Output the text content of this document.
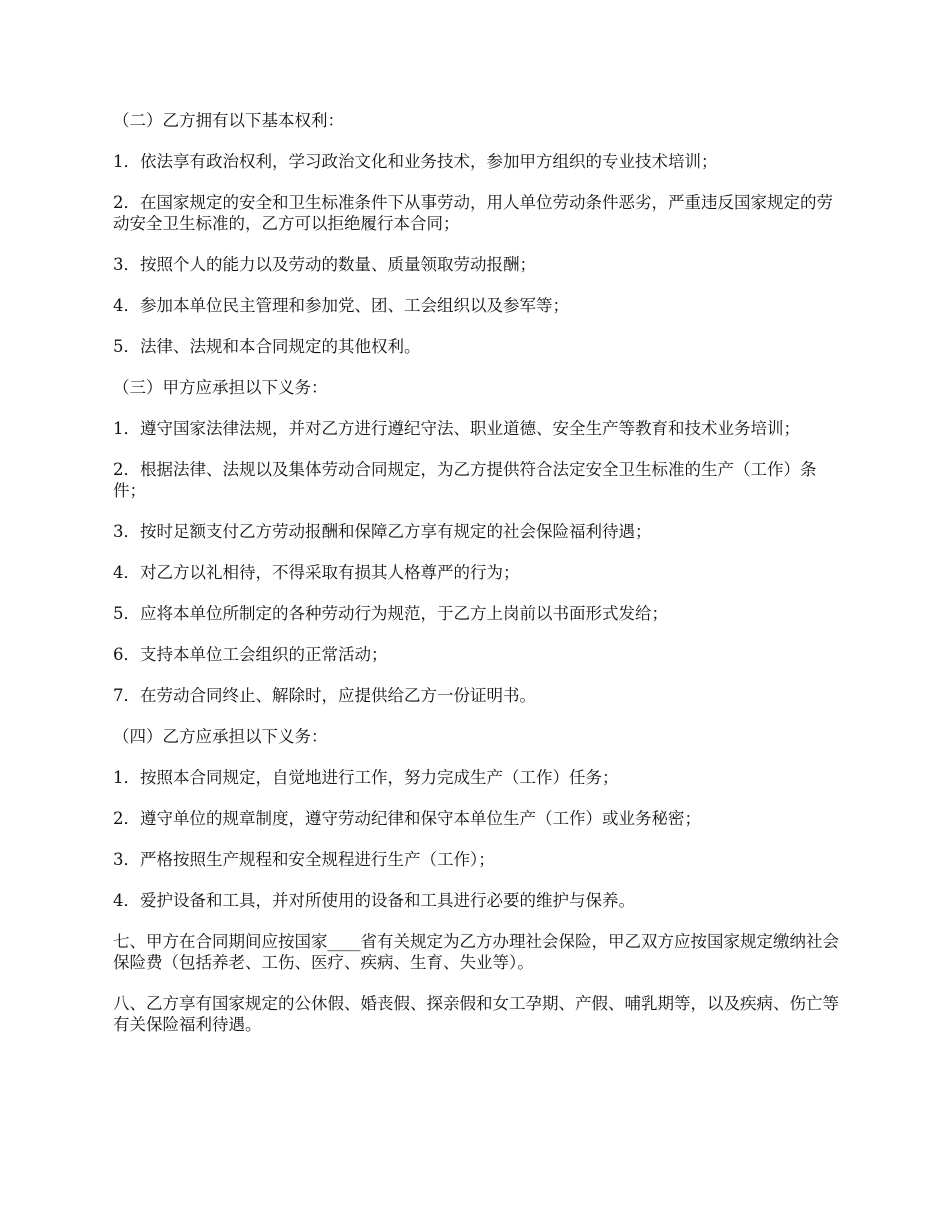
（二）乙方拥有以下基本权利：

1．依法享有政治权利，学习政治文化和业务技术，参加甲方组织的专业技术培训；

2．在国家规定的安全和卫生标准条件下从事劳动，用人单位劳动条件恶劣，严重违反国家规定的劳动安全卫生标准的，乙方可以拒绝履行本合同；

3．按照个人的能力以及劳动的数量、质量领取劳动报酬；

4．参加本单位民主管理和参加党、团、工会组织以及参军等；

5．法律、法规和本合同规定的其他权利。

（三）甲方应承担以下义务：

1．遵守国家法律法规，并对乙方进行遵纪守法、职业道德、安全生产等教育和技术业务培训；

2．根据法律、法规以及集体劳动合同规定，为乙方提供符合法定安全卫生标准的生产（工作）条件；

3．按时足额支付乙方劳动报酬和保障乙方享有规定的社会保险福利待遇；

4．对乙方以礼相待，不得采取有损其人格尊严的行为；

5．应将本单位所制定的各种劳动行为规范，于乙方上岗前以书面形式发给；

6．支持本单位工会组织的正常活动；

7．在劳动合同终止、解除时，应提供给乙方一份证明书。

（四）乙方应承担以下义务：

1．按照本合同规定，自觉地进行工作，努力完成生产（工作）任务；

2．遵守单位的规章制度，遵守劳动纪律和保守本单位生产（工作）或业务秘密；

3．严格按照生产规程和安全规程进行生产（工作）；

4．爱护设备和工具，并对所使用的设备和工具进行必要的维护与保养。

七、甲方在合同期间应按国家____省有关规定为乙方办理社会保险，甲乙双方应按国家规定缴纳社会保险费（包括养老、工伤、医疗、疾病、生育、失业等）。

八、乙方享有国家规定的公休假、婚丧假、探亲假和女工孕期、产假、哺乳期等，以及疾病、伤亡等有关保险福利待遇。
